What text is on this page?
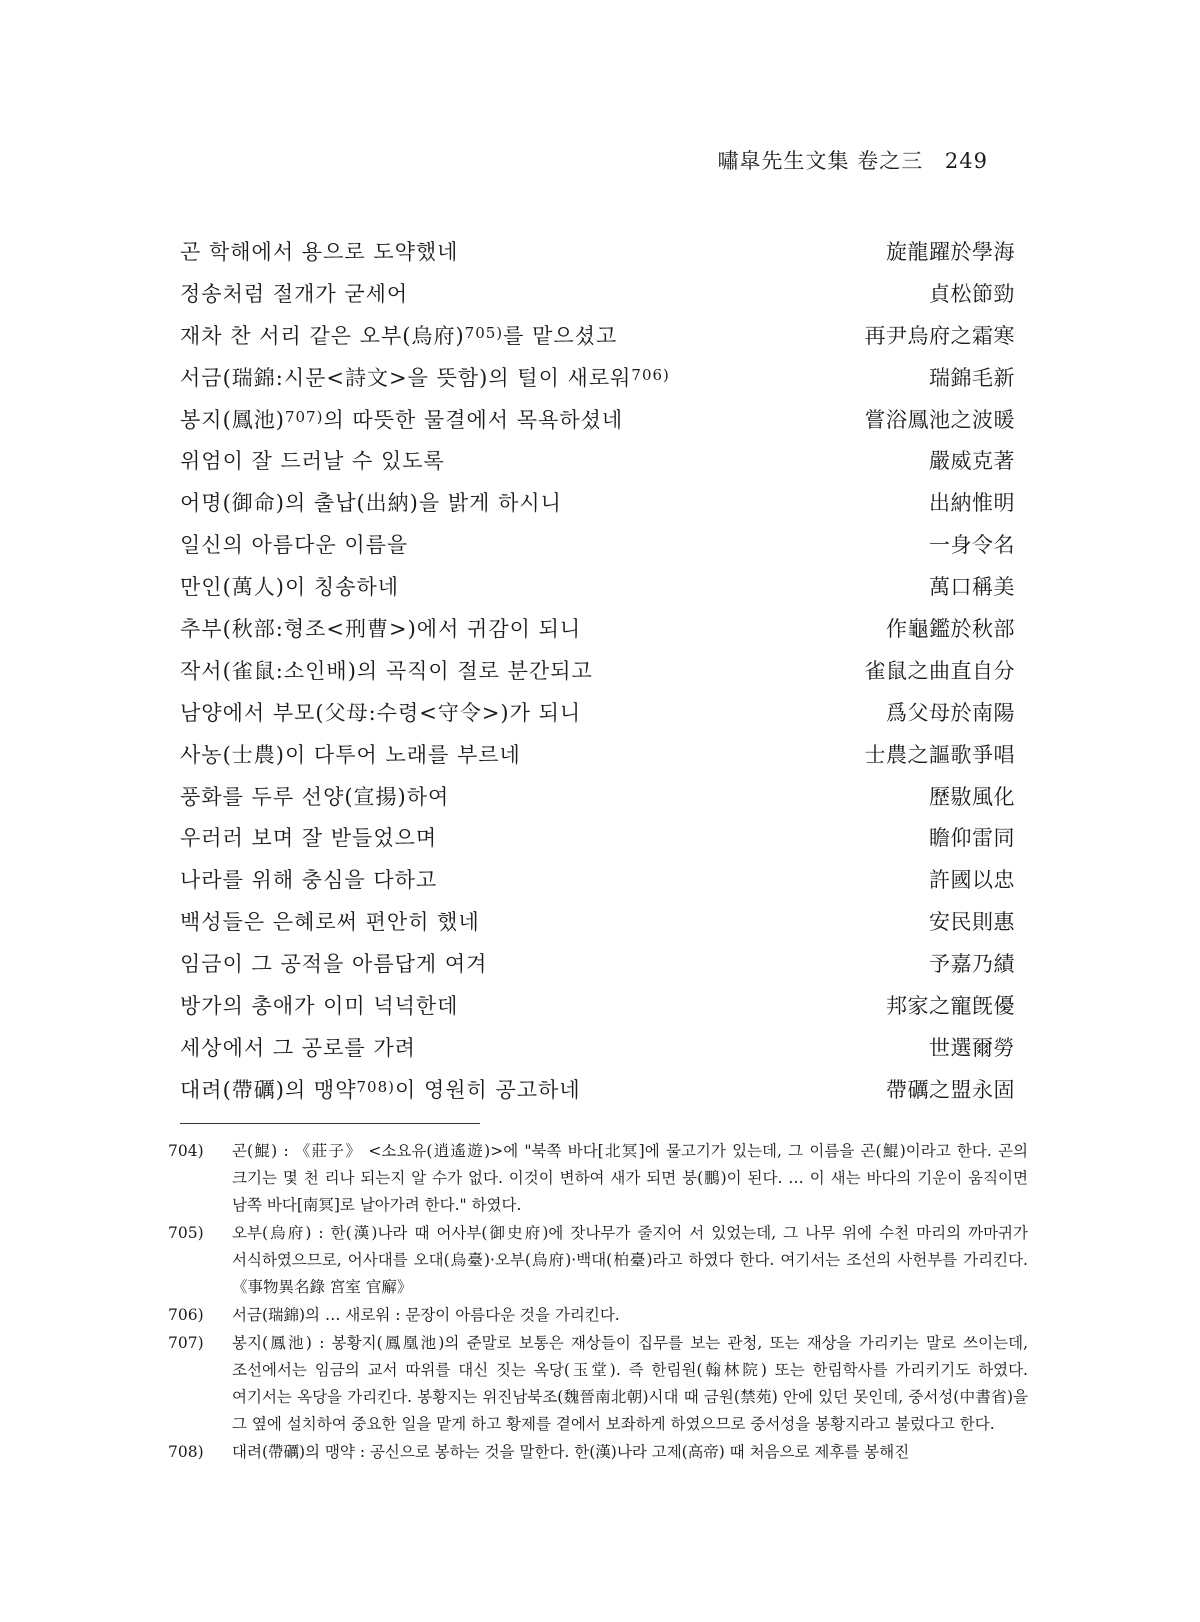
嘯皐先生文集 卷之三 249
곤 학해에서 용으로 도약했네	旋龍躍於學海
정송처럼 절개가 굳세어	貞松節勁
재차 찬 서리 같은 오부(烏府)$^{705)}$를 맡으셨고	再尹烏府之霜寒
서금(瑞錦:시문<詩文>을 뜻함)의 털이 새로워$^{706)}$	瑞錦毛新
봉지(鳳池)$^{707)}$의 따뜻한 물결에서 목욕하셨네	嘗浴鳳池之波暖
위엄이 잘 드러날 수 있도록	嚴威克著
어명(御命)의 출납(出納)을 밝게 하시니	出納惟明
일신의 아름다운 이름을	一身令名
만인(萬人)이 칭송하네	萬口稱美
추부(秋部:형조<刑曹>)에서 귀감이 되니	作龜鑑於秋部
작서(雀鼠:소인배)의 곡직이 절로 분간되고	雀鼠之曲直自分
남양에서 부모(父母:수령<守令>)가 되니	爲父母於南陽
사농(士農)이 다투어 노래를 부르네	士農之謳歌爭唱
풍화를 두루 선양(宣揚)하여	歷敭風化
우러러 보며 잘 받들었으며	瞻仰雷同
나라를 위해 충심을 다하고	許國以忠
백성들은 은혜로써 편안히 했네	安民則惠
임금이 그 공적을 아름답게 여겨	予嘉乃績
방가의 총애가 이미 넉넉한데	邦家之寵旣優
세상에서 그 공로를 가려	世選爾勞
대려(帶礪)의 맹약$^{708)}$이 영원히 공고하네	帶礪之盟永固
704)	곤(鯤) : 《莊子》 <소요유(逍遙遊)>에 "북쪽 바다[北冥]에 물고기가 있는데, 그 이름을 곤(鯤)이라고 한다. 곤의 크기는 몇 천 리나 되는지 알 수가 없다. 이것이 변하여 새가 되면 붕(鵬)이 된다. … 이 새는 바다의 기운이 움직이면 남쪽 바다[南冥]로 날아가려 한다." 하였다.
705)	오부(烏府) : 한(漢)나라 때 어사부(御史府)에 잣나무가 줄지어 서 있었는데, 그 나무 위에 수천 마리의 까마귀가 서식하였으므로, 어사대를 오대(烏臺)·오부(烏府)·백대(柏臺)라고 하였다 한다. 여기서는 조선의 사헌부를 가리킨다. 《事物異名錄 宮室 官廨》
706)	서금(瑞錦)의 … 새로워 : 문장이 아름다운 것을 가리킨다.
707)	봉지(鳳池) : 봉황지(鳳凰池)의 준말로 보통은 재상들이 집무를 보는 관청, 또는 재상을 가리키는 말로 쓰이는데, 조선에서는 임금의 교서 따위를 대신 짓는 옥당(玉堂). 즉 한림원(翰林院) 또는 한림학사를 가리키기도 하였다. 여기서는 옥당을 가리킨다. 봉황지는 위진남북조(魏晉南北朝)시대 때 금원(禁苑) 안에 있던 못인데, 중서성(中書省)을 그 옆에 설치하여 중요한 일을 맡게 하고 황제를 곁에서 보좌하게 하였으므로 중서성을 봉황지라고 불렀다고 한다.
708)	대려(帶礪)의 맹약 : 공신으로 봉하는 것을 말한다. 한(漢)나라 고제(高帝) 때 처음으로 제후를 봉해진
